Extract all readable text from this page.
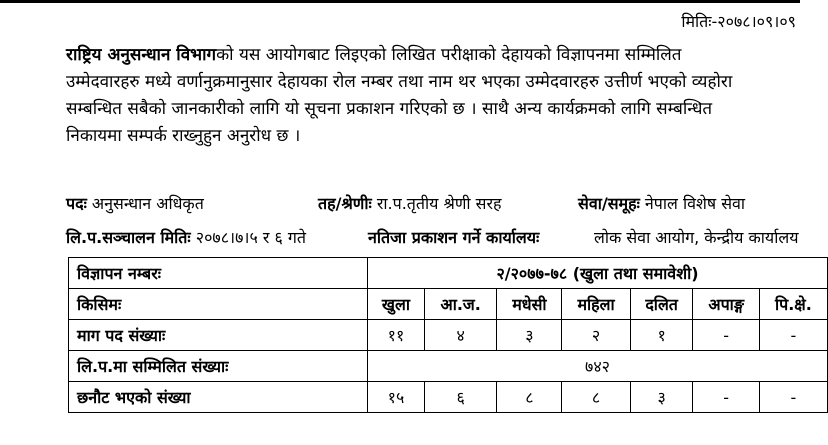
मितिः-२०७८।०९।०९
राष्ट्रिय अनुसन्धान विभागको यस आयोगबाट लिइएको लिखित परीक्षाको देहायको विज्ञापनमा सम्मिलित
उम्मेदवारहरु मध्ये वर्णानुक्रमानुसार देहायका रोल नम्बर तथा नाम थर भएका उम्मेदवारहरु उत्तीर्ण भएको व्यहोरा
सम्बन्धित सबैको जानकारीको लागि यो सूचना प्रकाशन गरिएको छ । साथै अन्य कार्यक्रमको लागि सम्बन्धित
निकायमा सम्पर्क राख्नुहुन अनुरोध छ ।
पदः अनुसन्धान अधिकृत	तह/श्रेणीः रा.प.तृतीय श्रेणी सरह	सेवा/समूहः नेपाल विशेष सेवा
लि.प.सञ्चालन मितिः २०७८।७।५ र ६ गते	नतिजा प्रकाशन गर्ने कार्यालयः	लोक सेवा आयोग, केन्द्रीय कार्यालय
विज्ञापन नम्बरः	२/२०७७-७८ (खुला तथा समावेशी)						
किसिमः	खुला	आ.ज.	मधेसी	महिला	दलित	अपाङ्ग	पि.क्षे.
माग पद संख्याः	११	४	३	२	१	-	-
लि.प.मा सम्मिलित संख्याः	७४२						
छनौट भएको संख्या	१५	६	८	८	३	-	-
